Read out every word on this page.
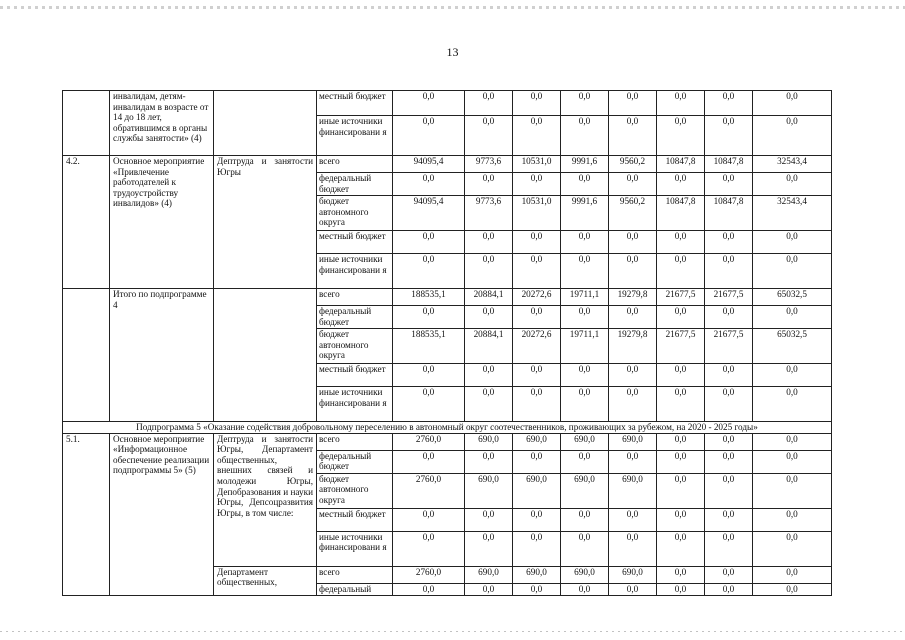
13
	инвалидам, детям-инвалидам в возрасте от 14 до 18 лет, обратившимся в органы службы занятости» (4)		местный бюджет	0,0	0,0	0,0	0,0	0,0	0,0	0,0	0,0
			иные источники финансировани я	0,0	0,0	0,0	0,0	0,0	0,0	0,0	0,0
4.2.	Основное мероприятие «Привлечение работодателей к трудоустройству инвалидов» (4)	Дептруда и занятости Югры	всего	94095,4	9773,6	10531,0	9991,6	9560,2	10847,8	10847,8	32543,4
			федеральный бюджет	0,0	0,0	0,0	0,0	0,0	0,0	0,0	0,0
			бюджет автономного округа	94095,4	9773,6	10531,0	9991,6	9560,2	10847,8	10847,8	32543,4
			местный бюджет	0,0	0,0	0,0	0,0	0,0	0,0	0,0	0,0
			иные источники финансировани я	0,0	0,0	0,0	0,0	0,0	0,0	0,0	0,0
	Итого по подпрограмме 4		всего	188535,1	20884,1	20272,6	19711,1	19279,8	21677,5	21677,5	65032,5
			федеральный бюджет	0,0	0,0	0,0	0,0	0,0	0,0	0,0	0,0
			бюджет автономного округа	188535,1	20884,1	20272,6	19711,1	19279,8	21677,5	21677,5	65032,5
			местный бюджет	0,0	0,0	0,0	0,0	0,0	0,0	0,0	0,0
			иные источники финансировани я	0,0	0,0	0,0	0,0	0,0	0,0	0,0	0,0
Подпрограмма 5 «Оказание содействия добровольному переселению в автономный округ соотечественников, проживающих за рубежом, на 2020 - 2025 годы»											
5.1.	Основное мероприятие «Информационное обеспечение реализации подпрограммы 5» (5)	Дептруда и занятости Югры, Департамент общественных, внешних связей и молодежи Югры, Депобразования и науки Югры, Депсоцразвития Югры, в том числе:	всего	2760,0	690,0	690,0	690,0	690,0	0,0	0,0	0,0
			федеральный бюджет	0,0	0,0	0,0	0,0	0,0	0,0	0,0	0,0
			бюджет автономного округа	2760,0	690,0	690,0	690,0	690,0	0,0	0,0	0,0
			местный бюджет	0,0	0,0	0,0	0,0	0,0	0,0	0,0	0,0
			иные источники финансировани я	0,0	0,0	0,0	0,0	0,0	0,0	0,0	0,0
		Департамент общественных,	всего	2760,0	690,0	690,0	690,0	690,0	0,0	0,0	0,0
			федеральный	0,0	0,0	0,0	0,0	0,0	0,0	0,0	0,0
